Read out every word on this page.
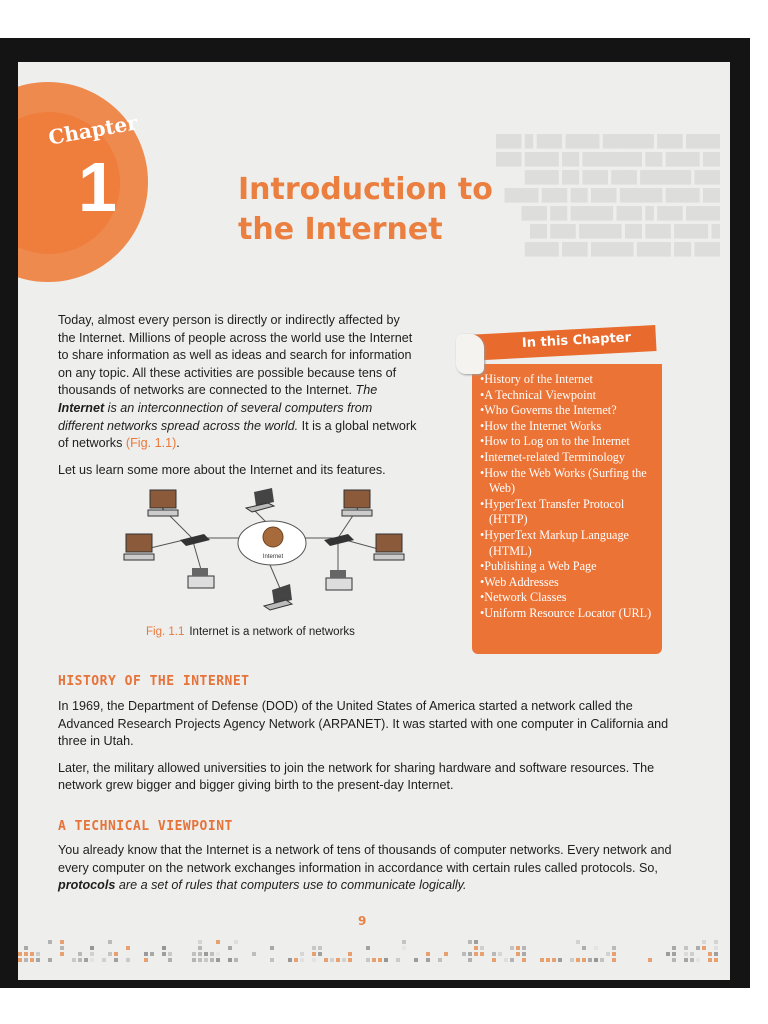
████ ███ ██████ ████ ███ █ ███
██ ████ ██ ███████ ██ ████ ███
███ ██████ ███ ███ ██ ████
██ ████ █████ ███ ██ ███ ████
████ ███ █ ███ █████ ██ ███
█ ████ ███ ██ █████ ███ ██
███ ██ ████ █████ ███ ████
Chapter
1	Introduction to
the Internet

Today, almost every person is directly or indirectly affected by the Internet. Millions of people across the world use the Internet to share information as well as ideas and search for information on any topic. All these activities are possible because tens of thousands of networks are connected to the Internet. The Internet is an interconnection of several computers from different networks spread across the world. It is a global network of networks (Fig. 1.1).

Let us learn some more about the Internet and its features.

In this Chapter
• History of the Internet
• A Technical Viewpoint
• Who Governs the Internet?
• How the Internet Works
• How to Log on to the Internet
• Internet-related Terminology
• How the Web Works (Surfing the Web)
• HyperText Transfer Protocol (HTTP)
• HyperText Markup Language (HTML)
• Publishing a Web Page
• Web Addresses
• Network Classes
• Uniform Resource Locator (URL)
Internet
Fig. 1.1 Internet is a network of networks
HISTORY OF THE INTERNET

In 1969, the Department of Defense (DOD) of the United States of America started a network called the Advanced Research Projects Agency Network (ARPANET). It was started with one computer in California and three in Utah.

Later, the military allowed universities to join the network for sharing hardware and software resources. The network grew bigger and bigger giving birth to the present-day Internet.

A TECHNICAL VIEWPOINT

You already know that the Internet is a network of tens of thousands of computer networks. Every network and every computer on the network exchanges information in accordance with certain rules called protocols. So, protocols are a set of rules that computers use to communicate logically.

9
